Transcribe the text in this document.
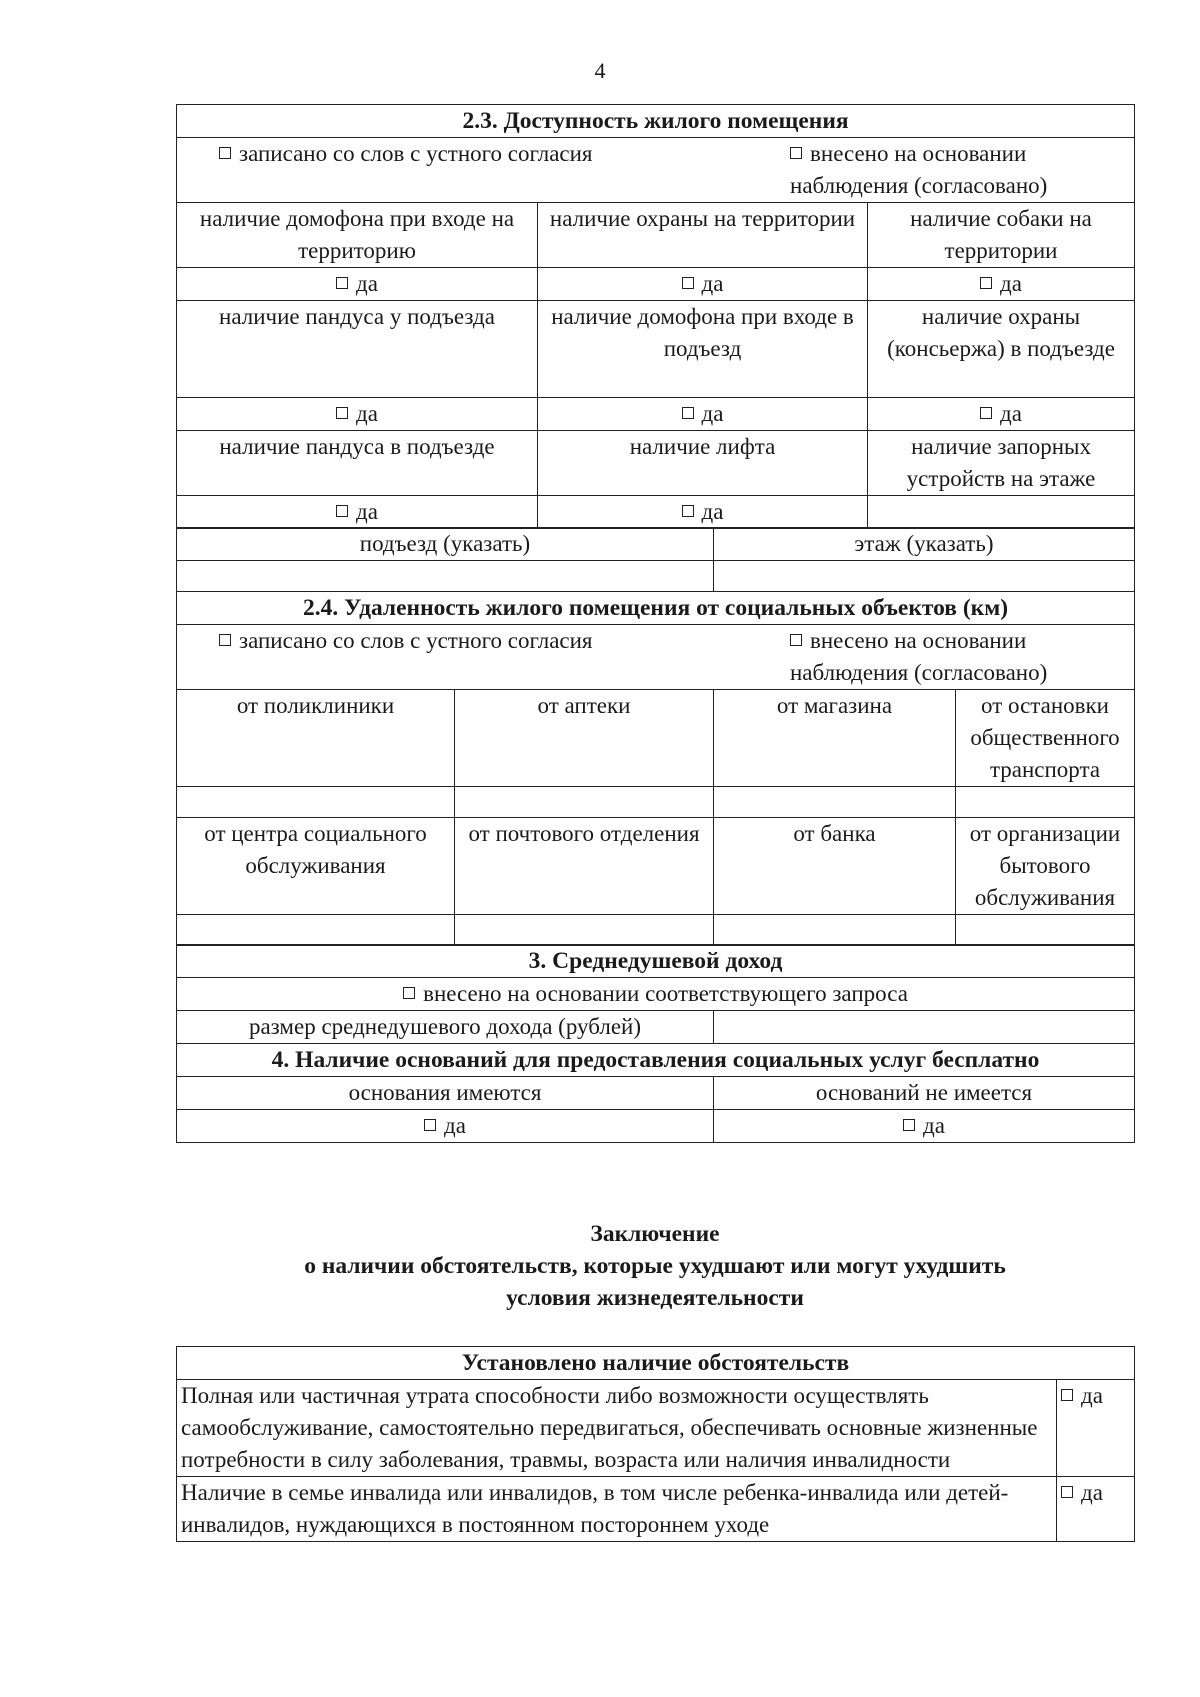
4
2.3. Доступность жилого помещения		

записано со слов с устного согласия внесено на основании наблюдения (согласовано)		

наличие домофона при входе на территорию	наличие охраны на территории	наличие собаки на территории
да	да	да
наличие пандуса у подъезда	наличие домофона при входе в подъезд	наличие охраны (консьержа) в подъезде
да	да	да
наличие пандуса в подъезде	наличие лифта	наличие запорных устройств на этаже
да	да	
подъезд (указать)	этаж (указать)

2.4. Удаленность жилого помещения от социальных объектов (км)	

записано со слов с устного согласия внесено на основании наблюдения (согласовано)	
от поликлиники	от аптеки	от магазина	от остановки общественного транспорта

от центра социального обслуживания	от почтового отделения	от банка	от организации бытового обслуживания

3. Среднедушевой доход	
внесено на основании соответствующего запроса	
размер среднедушевого дохода (рублей)	
4. Наличие оснований для предоставления социальных услуг бесплатно	
основания имеются	оснований не имеется
да	да
Заключение
о наличии обстоятельств, которые ухудшают или могут ухудшить
условия жизнедеятельности
Установлено наличие обстоятельств	
Полная или частичная утрата способности либо возможности осуществлять самообслуживание, самостоятельно передвигаться, обеспечивать основные жизненные потребности в силу заболевания, травмы, возраста или наличия инвалидности	да
Наличие в семье инвалида или инвалидов, в том числе ребенка-инвалида или детей-инвалидов, нуждающихся в постоянном постороннем уходе	да
